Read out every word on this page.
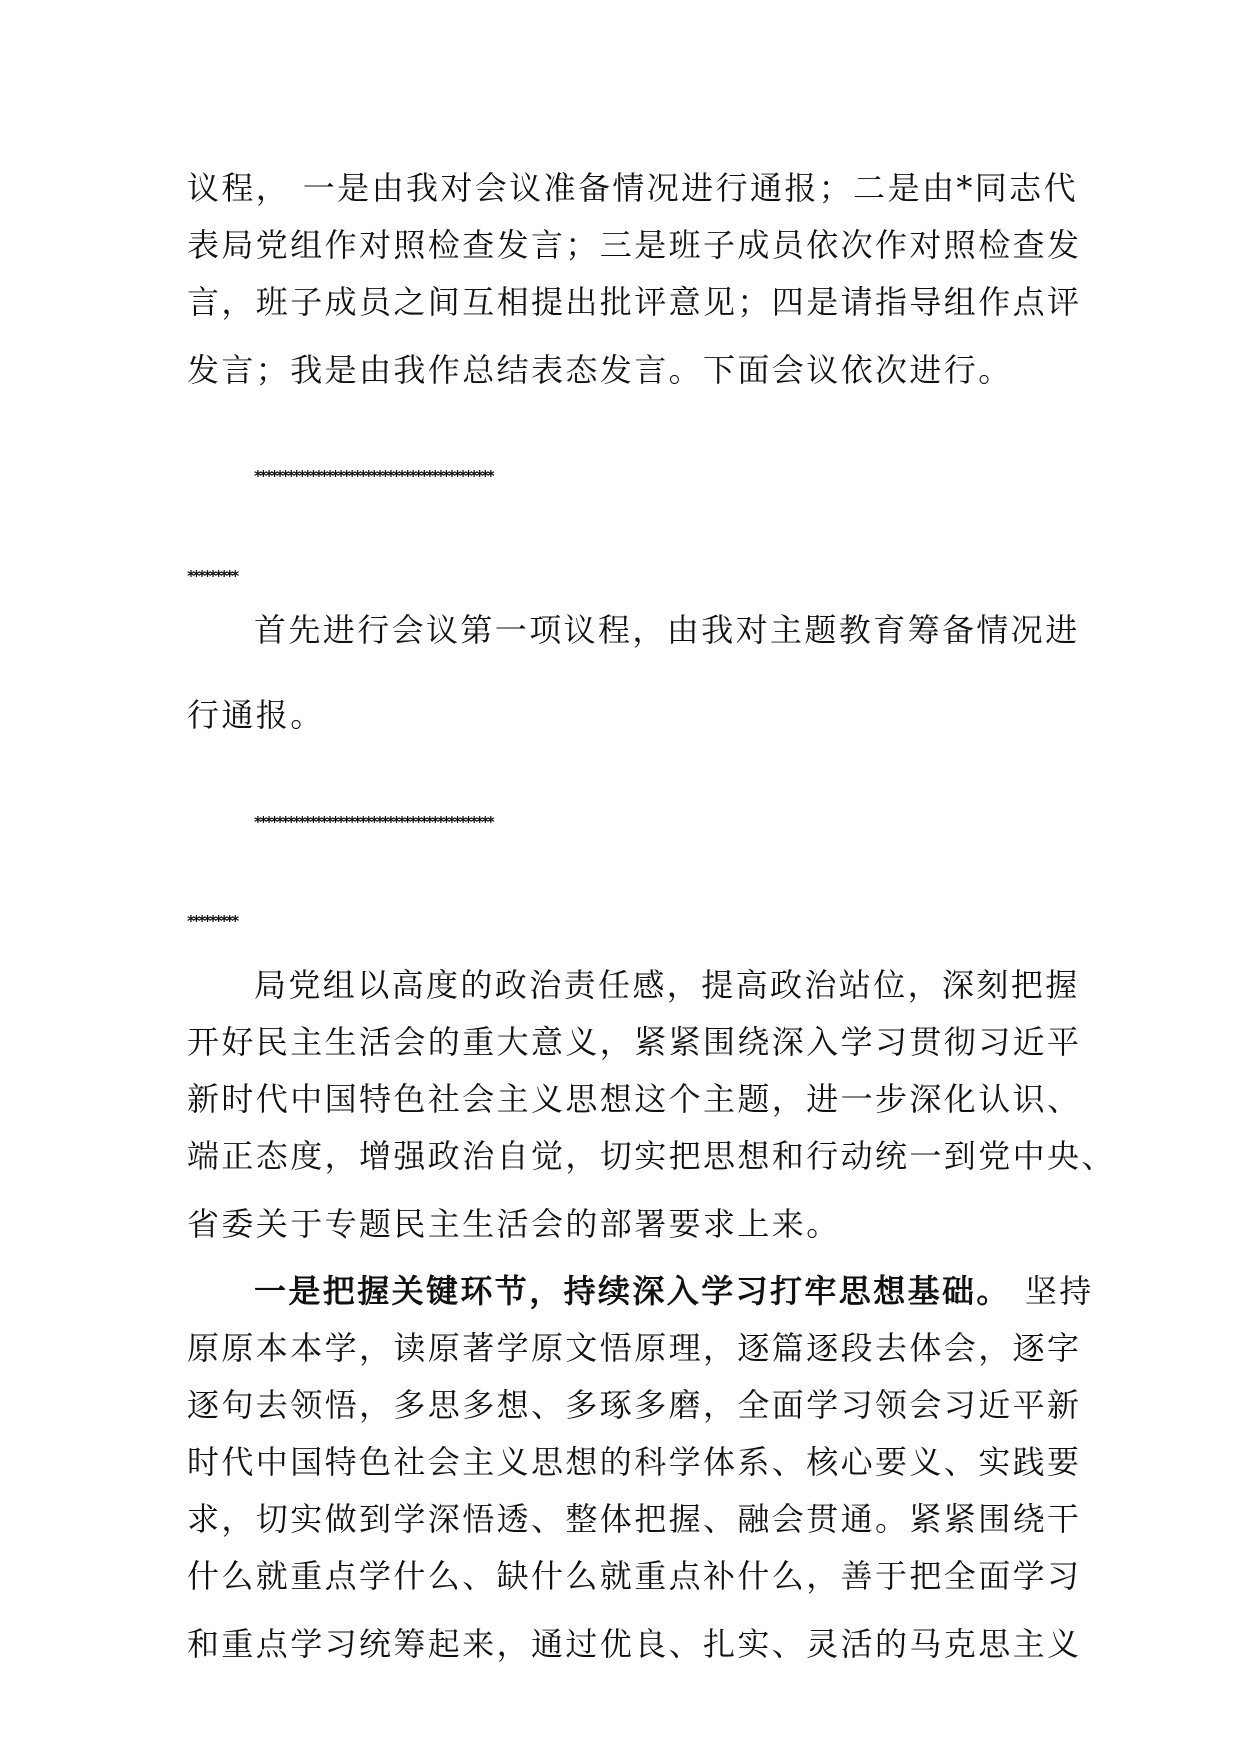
议程， 一是由我对会议准备情况进行通报；二是由*同志代
表局党组作对照检查发言；三是班子成员依次作对照检查发
言，班子成员之间互相提出批评意见；四是请指导组作点评
发言；我是由我作总结表态发言。下面会议依次进行。
*******************************************
*********
首先进行会议第一项议程，由我对主题教育筹备情况进
行通报。
*******************************************
*********
局党组以高度的政治责任感，提高政治站位，深刻把握
开好民主生活会的重大意义，紧紧围绕深入学习贯彻习近平
新时代中国特色社会主义思想这个主题，进一步深化认识、
端正态度，增强政治自觉，切实把思想和行动统一到党中央、
省委关于专题民主生活会的部署要求上来。
一是把握关键环节，持续深入学习打牢思想基础。 坚持
原原本本学，读原著学原文悟原理，逐篇逐段去体会，逐字
逐句去领悟，多思多想、多琢多磨，全面学习领会习近平新
时代中国特色社会主义思想的科学体系、核心要义、实践要
求，切实做到学深悟透、整体把握、融会贯通。紧紧围绕干
什么就重点学什么、缺什么就重点补什么，善于把全面学习
和重点学习统筹起来，通过优良、扎实、灵活的马克思主义
